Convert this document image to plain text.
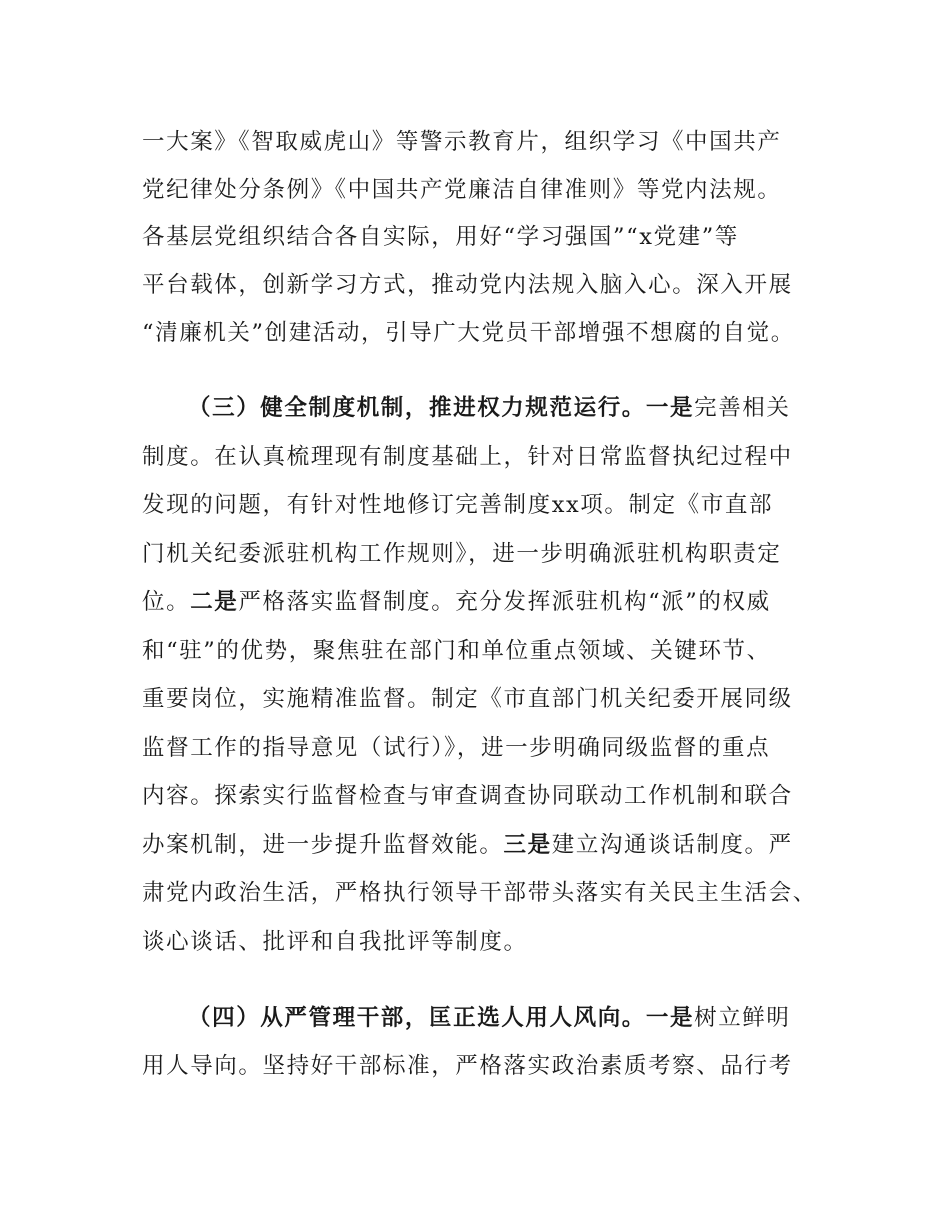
一大案》《智取威虎山》等警示教育片，组织学习《中国共产

党纪律处分条例》《中国共产党廉洁自律准则》等党内法规。

各基层党组织结合各自实际，用好“学习强国”“x党建”等

平台载体，创新学习方式，推动党内法规入脑入心。深入开展

“清廉机关”创建活动，引导广大党员干部增强不想腐的自觉。

（三）健全制度机制，推进权力规范运行。一是完善相关

制度。在认真梳理现有制度基础上，针对日常监督执纪过程中

发现的问题，有针对性地修订完善制度xx项。制定《市直部

门机关纪委派驻机构工作规则》，进一步明确派驻机构职责定

位。二是严格落实监督制度。充分发挥派驻机构“派”的权威

和“驻”的优势，聚焦驻在部门和单位重点领域、关键环节、

重要岗位，实施精准监督。制定《市直部门机关纪委开展同级

监督工作的指导意见（试行）》，进一步明确同级监督的重点

内容。探索实行监督检查与审查调查协同联动工作机制和联合

办案机制，进一步提升监督效能。三是建立沟通谈话制度。严

肃党内政治生活，严格执行领导干部带头落实有关民主生活会、

谈心谈话、批评和自我批评等制度。

（四）从严管理干部，匡正选人用人风向。一是树立鲜明

用人导向。坚持好干部标准，严格落实政治素质考察、品行考
